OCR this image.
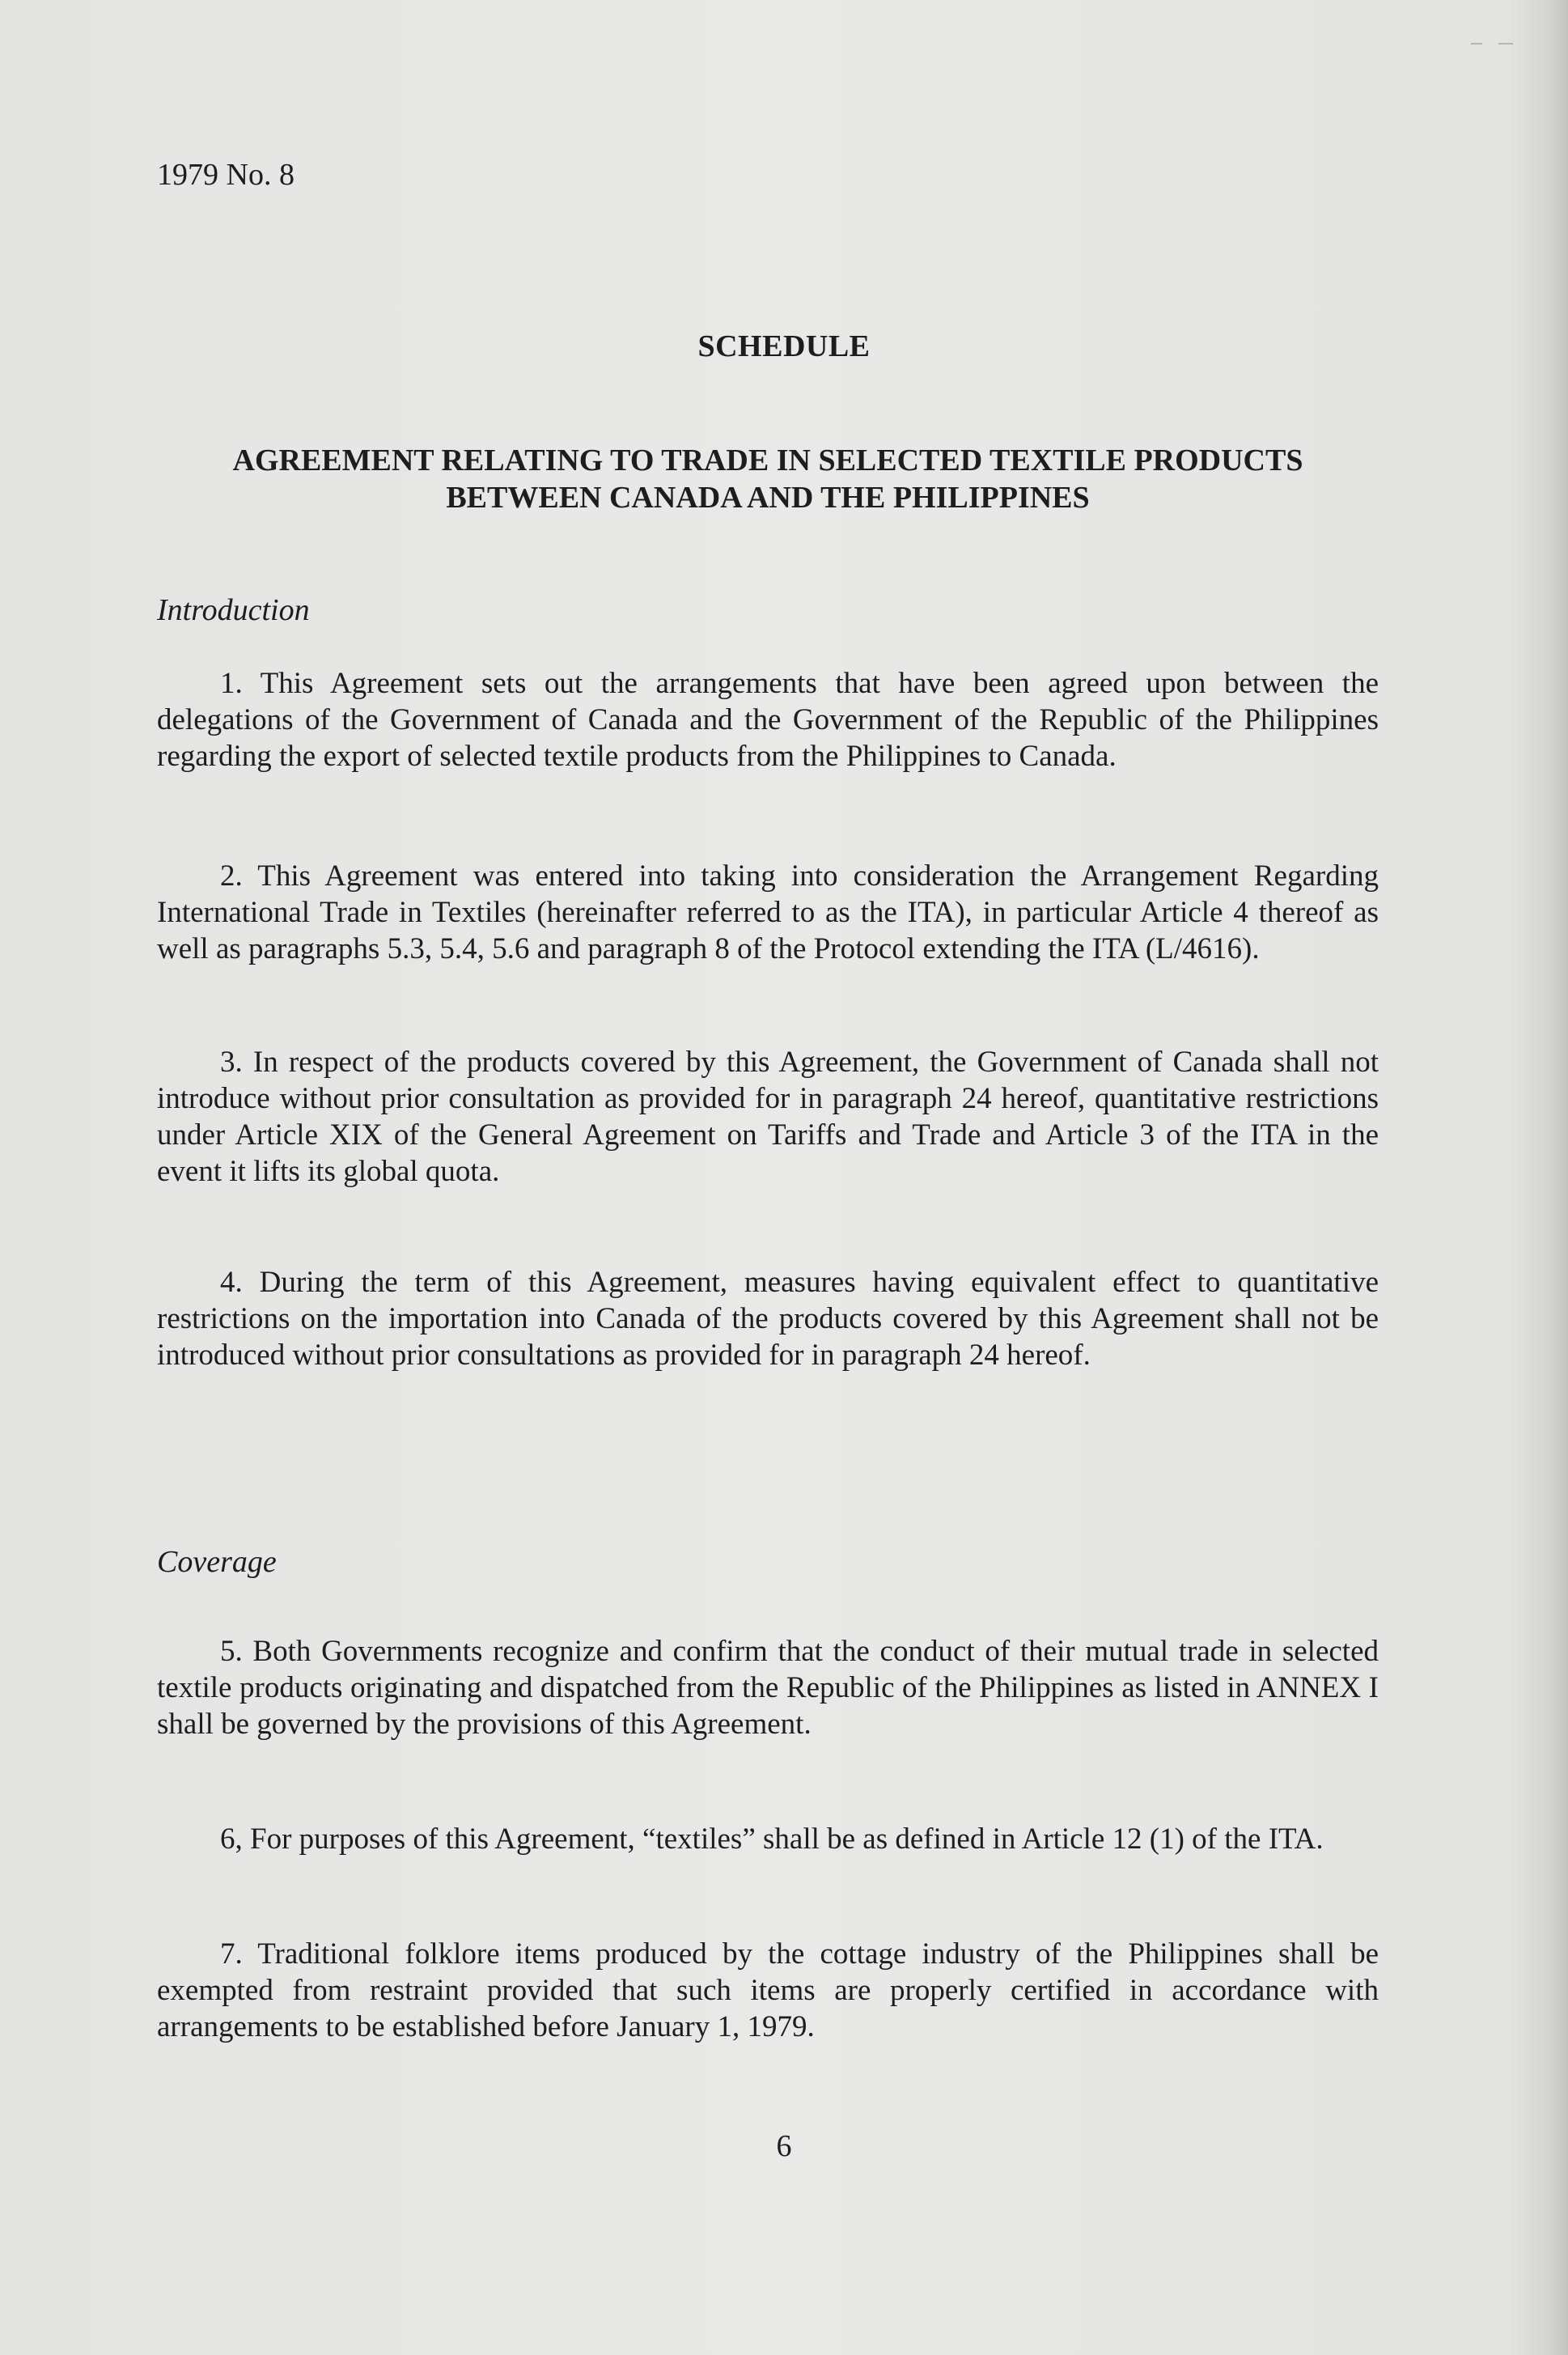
1979 No. 8
SCHEDULE
AGREEMENT RELATING TO TRADE IN SELECTED TEXTILE PRODUCTS
BETWEEN CANADA AND THE PHILIPPINES
Introduction

1. This Agreement sets out the arrangements that have been agreed upon between the delegations of the Government of Canada and the Government of the Republic of the Philippines regarding the export of selected textile products from the Philippines to Canada.

2. This Agreement was entered into taking into consideration the Arrangement Regarding International Trade in Textiles (hereinafter referred to as the ITA), in particular Article 4 thereof as well as paragraphs 5.3, 5.4, 5.6 and paragraph 8 of the Protocol extending the ITA (L/4616).

3. In respect of the products covered by this Agreement, the Government of Canada shall not introduce without prior consultation as provided for in paragraph 24 hereof, quantitative restrictions under Article XIX of the General Agreement on Tariffs and Trade and Article 3 of the ITA in the event it lifts its global quota.

4. During the term of this Agreement, measures having equivalent effect to quantitative restrictions on the importation into Canada of the products covered by this Agreement shall not be introduced without prior consultations as provided for in paragraph 24 hereof.

Coverage

5. Both Governments recognize and confirm that the conduct of their mutual trade in selected textile products originating and dispatched from the Republic of the Philippines as listed in ANNEX I shall be governed by the provisions of this Agreement.

6, For purposes of this Agreement, “textiles” shall be as defined in Article 12 (1) of the ITA.

7. Traditional folklore items produced by the cottage industry of the Philippines shall be exempted from restraint provided that such items are properly certified in accordance with arrangements to be established before January 1, 1979.

6
